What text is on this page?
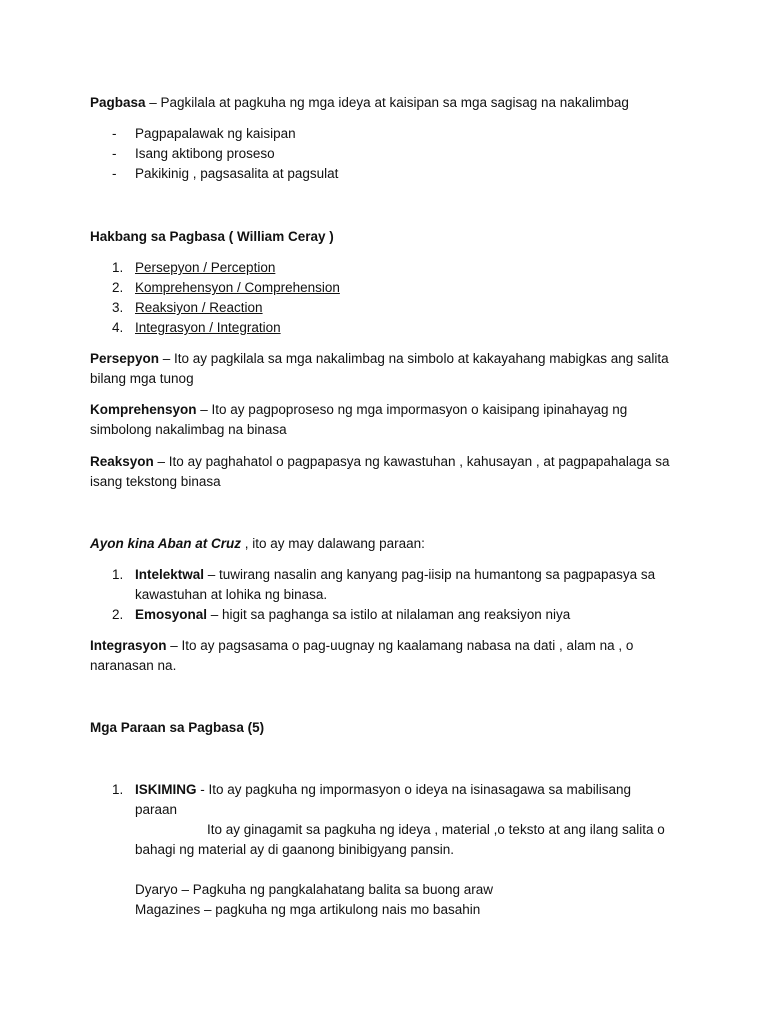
Pagbasa – Pagkilala at pagkuha ng mga ideya at kaisipan sa mga sagisag na nakalimbag

- Pagpapalawak ng kaisipan
- Isang aktibong proseso
- Pakikinig , pagsasalita at pagsulat

Hakbang sa Pagbasa ( William Ceray )

1. Persepyon / Perception
2. Komprehensyon / Comprehension
3. Reaksiyon / Reaction
4. Integrasyon / Integration

Persepyon – Ito ay pagkilala sa mga nakalimbag na simbolo at kakayahang mabigkas ang salita

bilang mga tunog

Komprehensyon – Ito ay pagpoproseso ng mga impormasyon o kaisipang ipinahayag ng

simbolong nakalimbag na binasa

Reaksyon – Ito ay paghahatol o pagpapasya ng kawastuhan , kahusayan , at pagpapahalaga sa

isang tekstong binasa

Ayon kina Aban at Cruz , ito ay may dalawang paraan:

1. Intelektwal – tuwirang nasalin ang kanyang pag-iisip na humantong sa pagpapasya sa
kawastuhan at lohika ng binasa.
2. Emosyonal – higit sa paghanga sa istilo at nilalaman ang reaksiyon niya

Integrasyon – Ito ay pagsasama o pag-uugnay ng kaalamang nabasa na dati , alam na , o

naranasan na.

Mga Paraan sa Pagbasa (5)

1. ISKIMING - Ito ay pagkuha ng impormasyon o ideya na isinasagawa sa mabilisang
paraan
Ito ay ginagamit sa pagkuha ng ideya , material ,o teksto at ang ilang salita o
bahagi ng material ay di gaanong binibigyang pansin.
Dyaryo – Pagkuha ng pangkalahatang balita sa buong araw
Magazines – pagkuha ng mga artikulong nais mo basahin
